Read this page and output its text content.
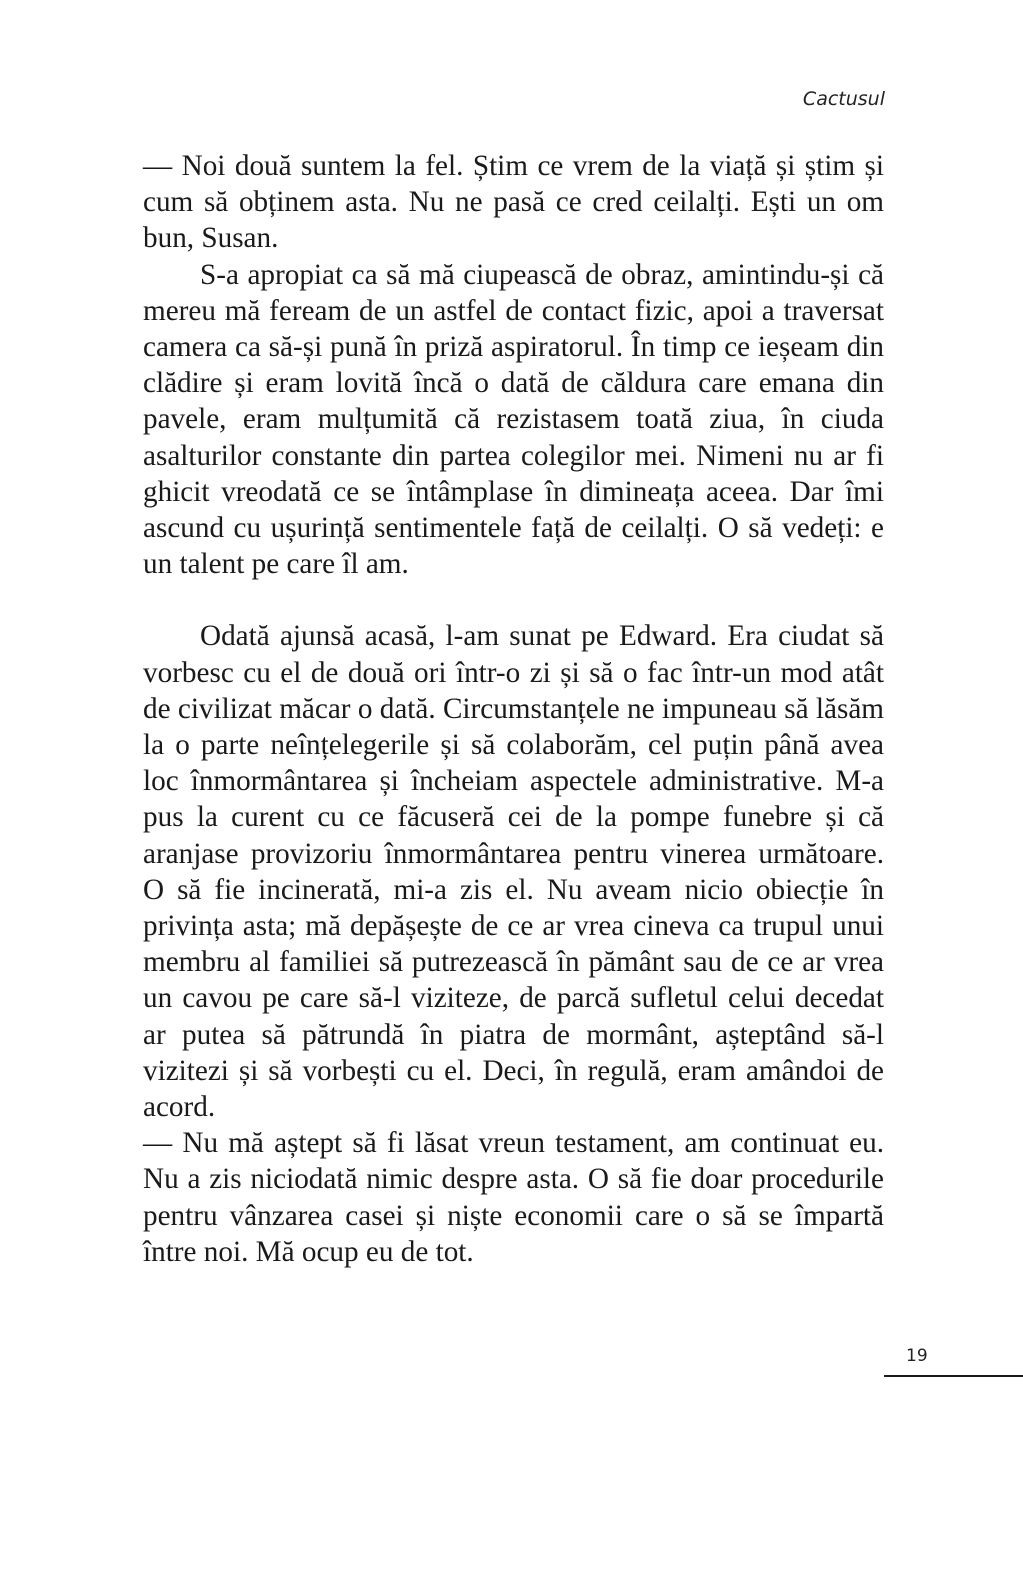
Cactusul

— Noi două suntem la fel. Știm ce vrem de la viață și știm și cum să obținem asta. Nu ne pasă ce cred ceilalți. Ești un om bun, Susan.

S-a apropiat ca să mă ciupească de obraz, amintindu-și că mereu mă feream de un astfel de contact fizic, apoi a traversat camera ca să-și pună în priză aspiratorul. În timp ce ieșeam din clădire și eram lovită încă o dată de căldura care emana din pavele, eram mulțumită că rezistasem toată ziua, în ciuda asalturilor constante din partea colegilor mei. Nimeni nu ar fi ghicit vreodată ce se întâmplase în dimineața aceea. Dar îmi ascund cu ușurință sentimentele față de ceilalți. O să vedeți: e un talent pe care îl am.

Odată ajunsă acasă, l-am sunat pe Edward. Era ciudat să vorbesc cu el de două ori într-o zi și să o fac într-un mod atât de civilizat măcar o dată. Circumstanțele ne impuneau să lăsăm la o parte neînțelegerile și să colaborăm, cel puțin până avea loc înmormântarea și încheiam aspectele administrative. M-a pus la curent cu ce făcuseră cei de la pompe funebre și că aranjase provizoriu înmormântarea pentru vinerea următoare. O să fie incinerată, mi-a zis el. Nu aveam nicio obiecție în privința asta; mă depășește de ce ar vrea cineva ca trupul unui membru al familiei să putrezească în pământ sau de ce ar vrea un cavou pe care să-l viziteze, de parcă sufletul celui decedat ar putea să pătrundă în piatra de mormânt, așteptând să-l vizitezi și să vorbești cu el. Deci, în regulă, eram amândoi de acord.

— Nu mă aștept să fi lăsat vreun testament, am continuat eu. Nu a zis niciodată nimic despre asta. O să fie doar procedurile pentru vânzarea casei și niște economii care o să se împartă între noi. Mă ocup eu de tot.

19
